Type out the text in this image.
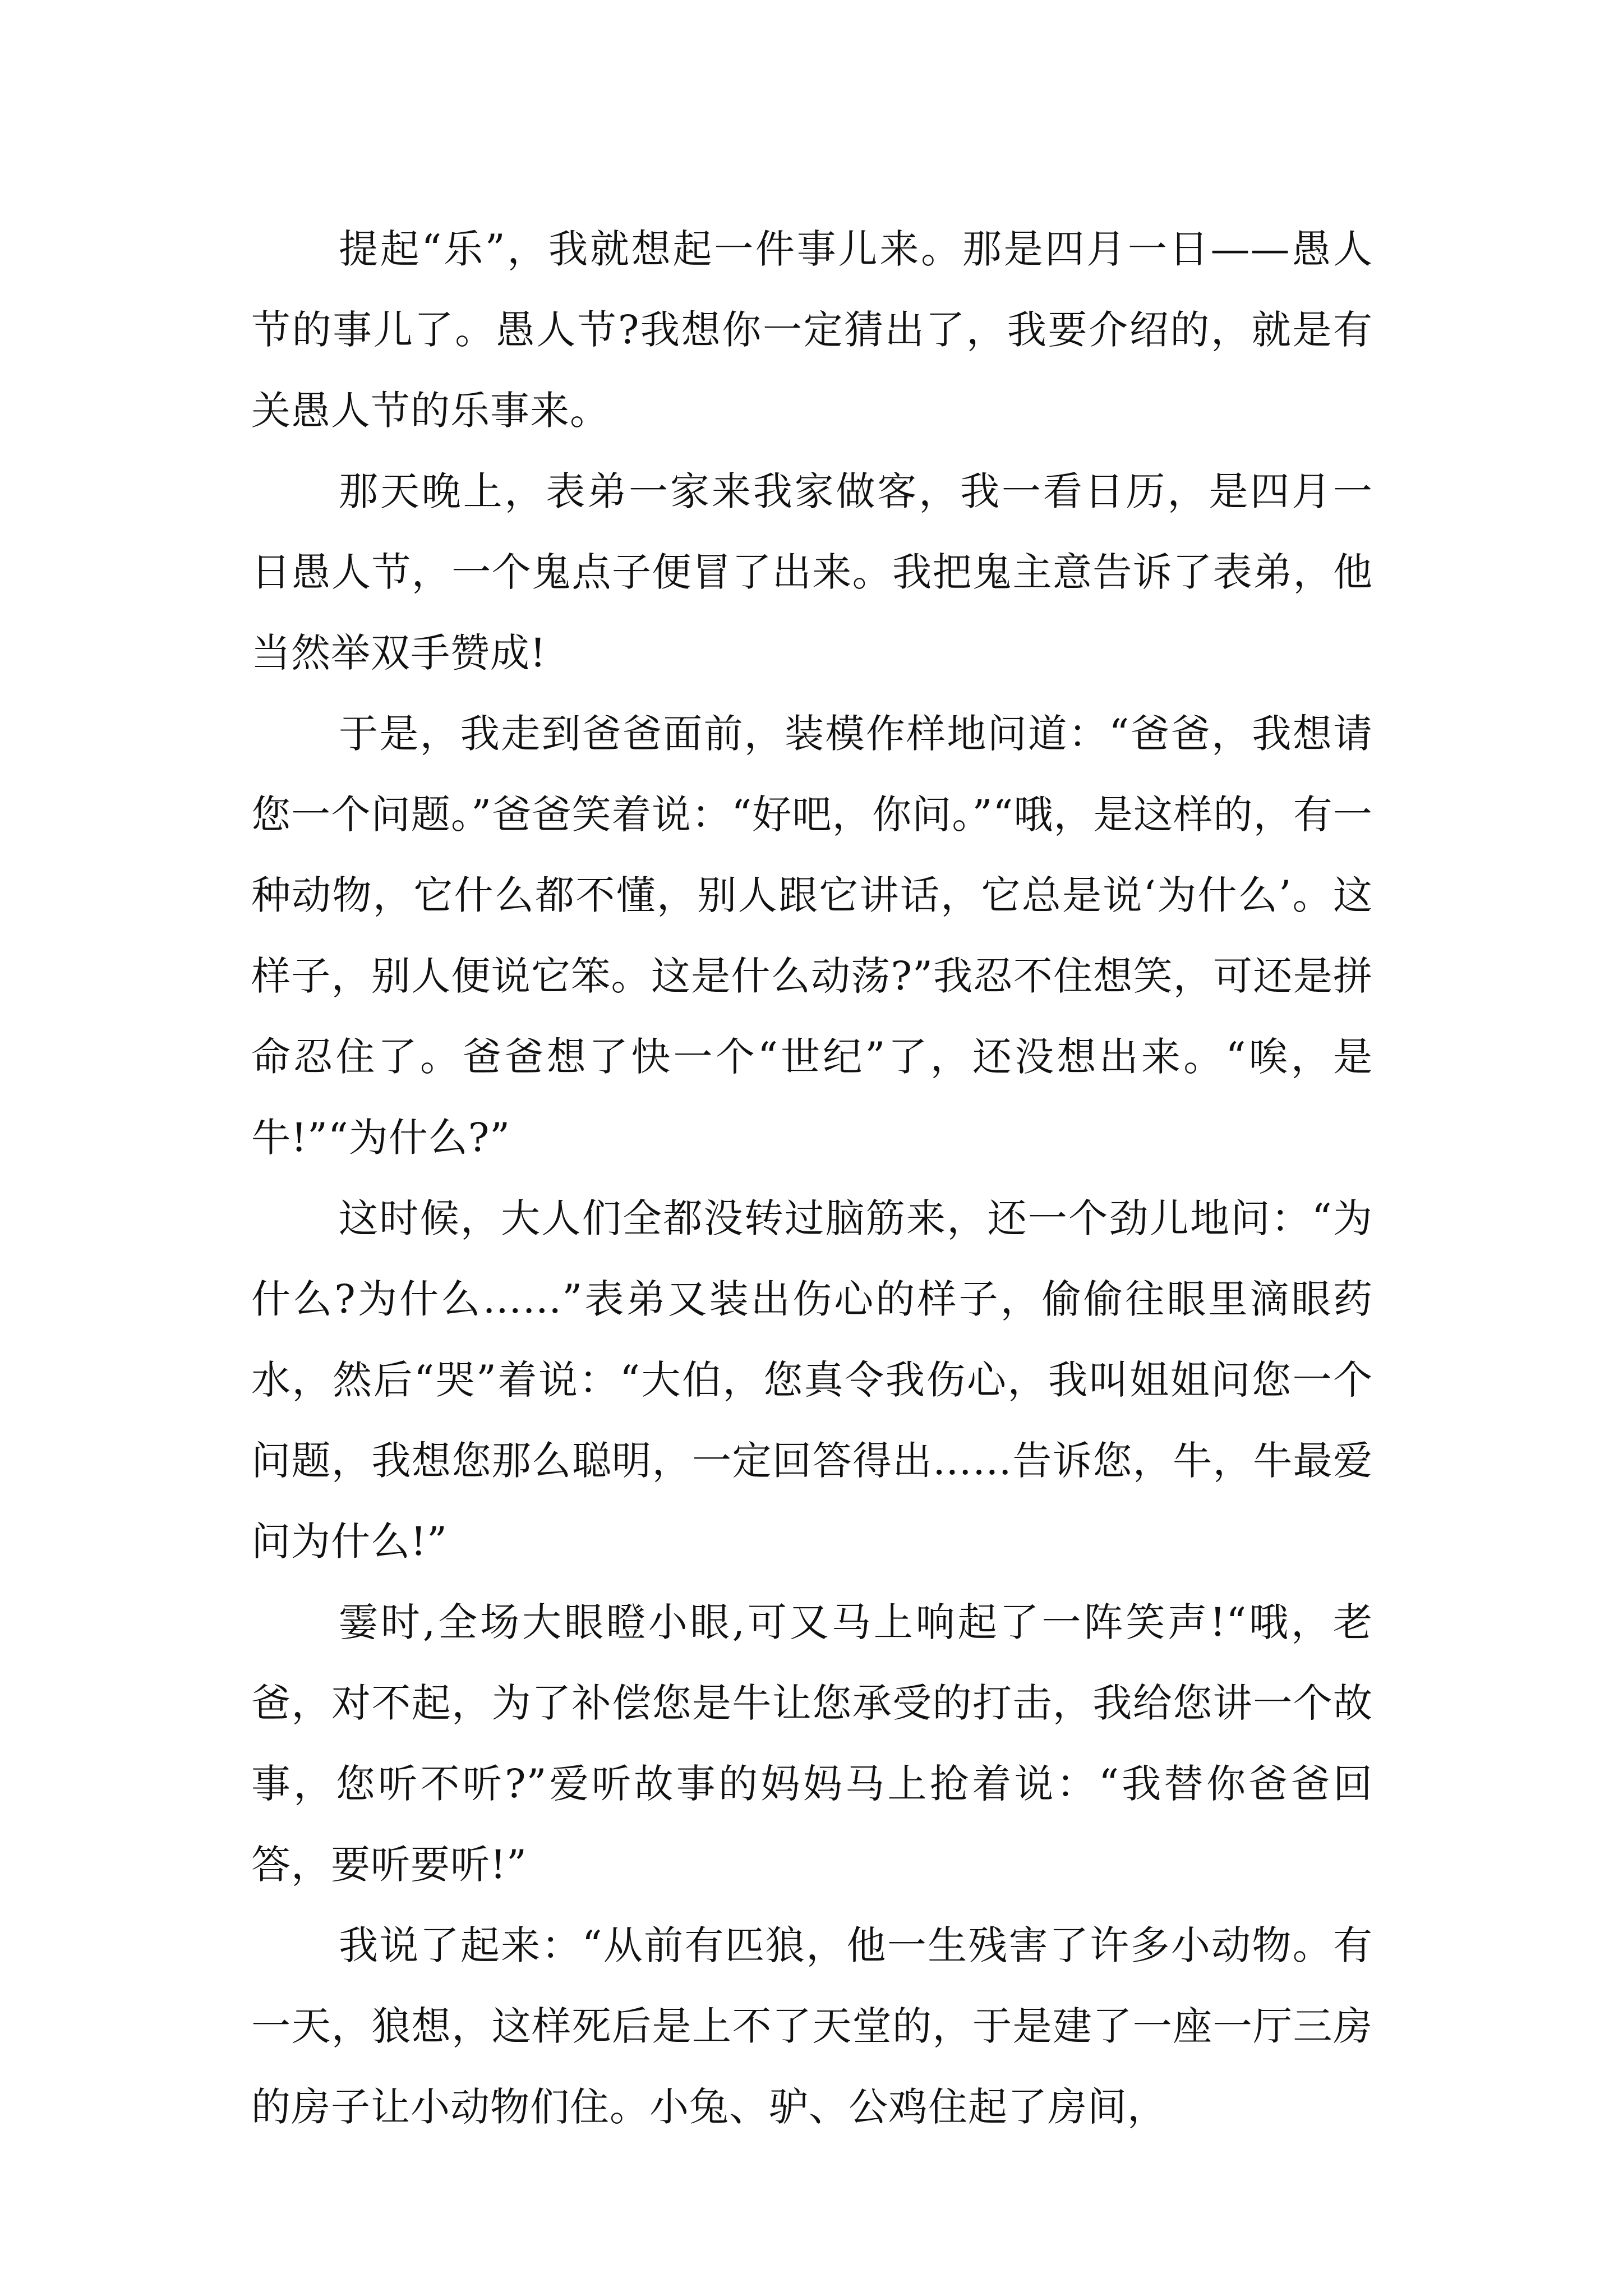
提起“乐”，我就想起一件事儿来。那是四月一日——愚人节的事儿了。愚人节?我想你一定猜出了，我要介绍的，就是有关愚人节的乐事来。

那天晚上，表弟一家来我家做客，我一看日历，是四月一日愚人节，一个鬼点子便冒了出来。我把鬼主意告诉了表弟，他当然举双手赞成!

于是，我走到爸爸面前，装模作样地问道：“爸爸，我想请您一个问题。”爸爸笑着说：“好吧，你问。”“哦，是这样的，有一种动物，它什么都不懂，别人跟它讲话，它总是说‘为什么’。这样子，别人便说它笨。这是什么动荡?”我忍不住想笑，可还是拼命忍住了。爸爸想了快一个“世纪”了，还没想出来。“唉，是牛!”“为什么?”

这时候，大人们全都没转过脑筋来，还一个劲儿地问：“为什么?为什么……”表弟又装出伤心的样子，偷偷往眼里滴眼药水，然后“哭”着说：“大伯，您真令我伤心，我叫姐姐问您一个问题，我想您那么聪明，一定回答得出……告诉您，牛，牛最爱问为什么!”

霎时,全场大眼瞪小眼,可又马上响起了一阵笑声!“哦，老爸，对不起，为了补偿您是牛让您承受的打击，我给您讲一个故事，您听不听?”爱听故事的妈妈马上抢着说：“我替你爸爸回答，要听要听!”

我说了起来：“从前有匹狼，他一生残害了许多小动物。有一天，狼想，这样死后是上不了天堂的，于是建了一座一厅三房的房子让小动物们住。小兔、驴、公鸡住起了房间，
